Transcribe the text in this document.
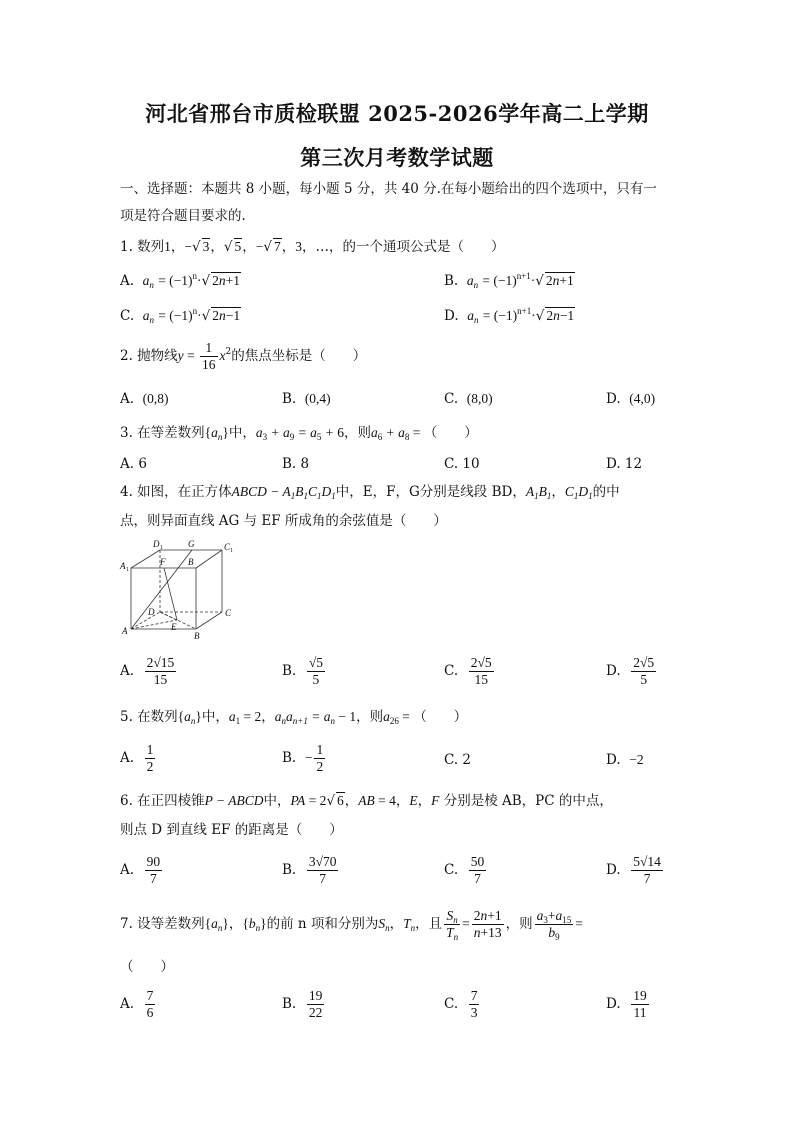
河北省邢台市质检联盟 2025-2026学年高二上学期
第三次月考数学试题
一、选择题：本题共 8 小题，每小题 5 分，共 40 分.在每小题给出的四个选项中，只有一
项是符合题目要求的.
1. 数列1，−√ 3，√ 5，−√ 7，3，…，的一个通项公式是（　　）
A. $a_n = (-1)^n\cdot√$ 2n+1	B. $a_n = (-1)^{n+1}\cdot√$ 2n+1
C. $a_n = (-1)^n\cdot√$ 2n−1	D. $a_n = (-1)^{n+1}\cdot√$ 2n−1
2. 抛物线$y = \frac{1}{16} x^2$的焦点坐标是（　　）
A. (0,8)	B. (0,4)	C. (8,0)	D. (4,0)
3. 在等差数列$\{a_n\}$中，$a_3 + a_9 = a_5 + 6$，则$a_6 + a_8$ = （　　）
A. 6	B. 8	C. 10	D. 12
4. 如图，在正方体ABCD − $A_1B_1C_1D_1$中，E，F，G分别是线段 BD，$A_1B_1$，$C_1D_1$的中
点，则异面直线 AG 与 EF 所成角的余弦值是（　　）
D 1	G	C 1
A 1
F	B
D	C
A	E
B
A. $\frac{2√15}{15}$	B. $\frac{√5}{5}$	C. $\frac{2√5}{15}$	D. $\frac{2√5}{5}$
5. 在数列$\{a_n\}$中，$a_1 = 2$，$a_na_{n+1} = a_n - 1$，则$a_{26}$ = （　　）
A. $\frac{1}{2}$	B. − $\frac{1}{2}$	C. 2	D. −2
6. 在正四棱锥P − ABCD中，PA = 2√ 6，AB = 4，E，F 分别是棱 AB，PC 的中点，
则点 D 到直线 EF 的距离是（　　）
A. $\frac{90}{7}$	B. $\frac{3√70}{7}$	C. $\frac{50}{7}$	D. $\frac{5√14}{7}$
7. 设等差数列$\{a_n\}$，$\{b_n\}$的前 n 项和分别为$S_n$，$T_n$，且 $\frac{S_n}{T_n} = \frac{2n+1}{n+13}$ ，则 $\frac{a_3+a_{15}}{b_9}$ =
（　　）
A. $\frac{7}{6}$	B. $\frac{19}{22}$	C. $\frac{7}{3}$	D. $\frac{19}{11}$
